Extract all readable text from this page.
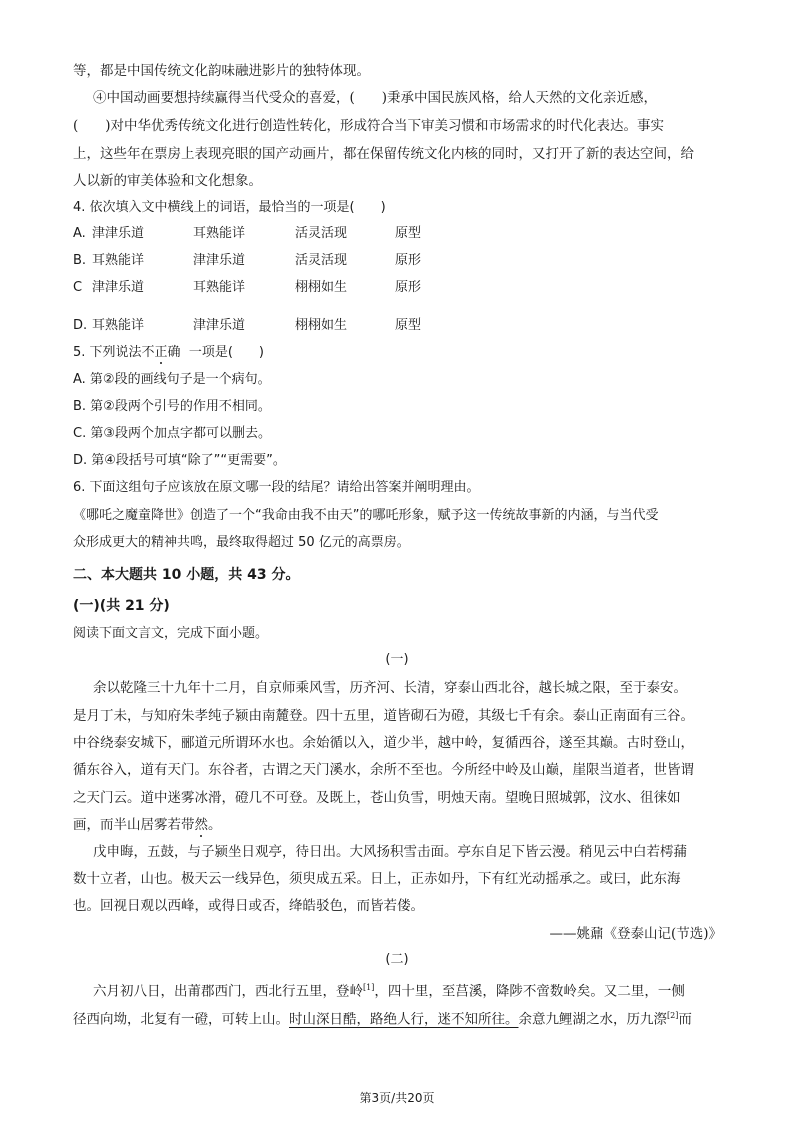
等，都是中国传统文化韵味融进影片的独特体现。
④中国动画要想持续赢得当代受众的喜爱，(　　)秉承中国民族风格，给人天然的文化亲近感，
(　　)对中华优秀传统文化进行创造性转化，形成符合当下审美习惯和市场需求的时代化表达。事实
上，这些年在票房上表现亮眼的国产动画片，都在保留传统文化内核的同时，又打开了新的表达空间，给
人以新的审美体验和文化想象。
4. 依次填入文中横线上的词语，最恰当的一项是(　　)
A. 津津乐道	耳熟能详	活灵活现	原型
B. 耳熟能详	津津乐道	活灵活现	原形
C 津津乐道	耳熟能详	栩栩如生	原形
D. 耳熟能详	津津乐道	栩栩如生	原型
5. 下列说法不正确 一项是(　　)
A. 第②段的画线句子是一个病句。
B. 第②段两个引号的作用不相同。
C. 第③段两个加点字都可以删去。
D. 第④段括号可填“除了”“更需要”。
6. 下面这组句子应该放在原文哪一段的结尾？请给出答案并阐明理由。
《哪吒之魔童降世》创造了一个“我命由我不由天”的哪吒形象，赋予这一传统故事新的内涵，与当代受
众形成更大的精神共鸣，最终取得超过 50 亿元的高票房。
二、本大题共 10 小题，共 43 分。
(一)(共 21 分)
阅读下面文言文，完成下面小题。
(一)
余以乾隆三十九年十二月，自京师乘风雪，历齐河、长清，穿泰山西北谷，越长城之限，至于泰安。
是月丁未，与知府朱孝纯子颍由南麓登。四十五里，道皆砌石为磴，其级七千有余。泰山正南面有三谷。
中谷绕泰安城下，郦道元所谓环水也。余始循以入，道少半，越中岭，复循西谷，遂至其巅。古时登山，
循东谷入，道有天门。东谷者，古谓之天门溪水，余所不至也。今所经中岭及山巅，崖限当道者，世皆谓
之天门云。道中迷雾冰滑，磴几不可登。及既上，苍山负雪，明烛天南。望晚日照城郭，汶水、徂徕如
画，而半山居雾若带然。
戊申晦，五鼓，与子颍坐日观亭，待日出。大风扬积雪击面。亭东自足下皆云漫。稍见云中白若樗蒱
数十立者，山也。极天云一线异色，须臾成五采。日上，正赤如丹，下有红光动摇承之。或曰，此东海
也。回视日观以西峰，或得日或否，绛皓驳色，而皆若偻。
——姚鼐《登泰山记(节选)》
(二)
六月初八日，出莆郡西门，西北行五里，登岭[1]，四十里，至莒溪，降陟不啻数岭矣。又二里，一侧
径西向坳，北复有一磴，可转上山。时山深日酷，路绝人行，迷不知所往。余意九鲤湖之水，历九漈[2]而
第3页/共20页
